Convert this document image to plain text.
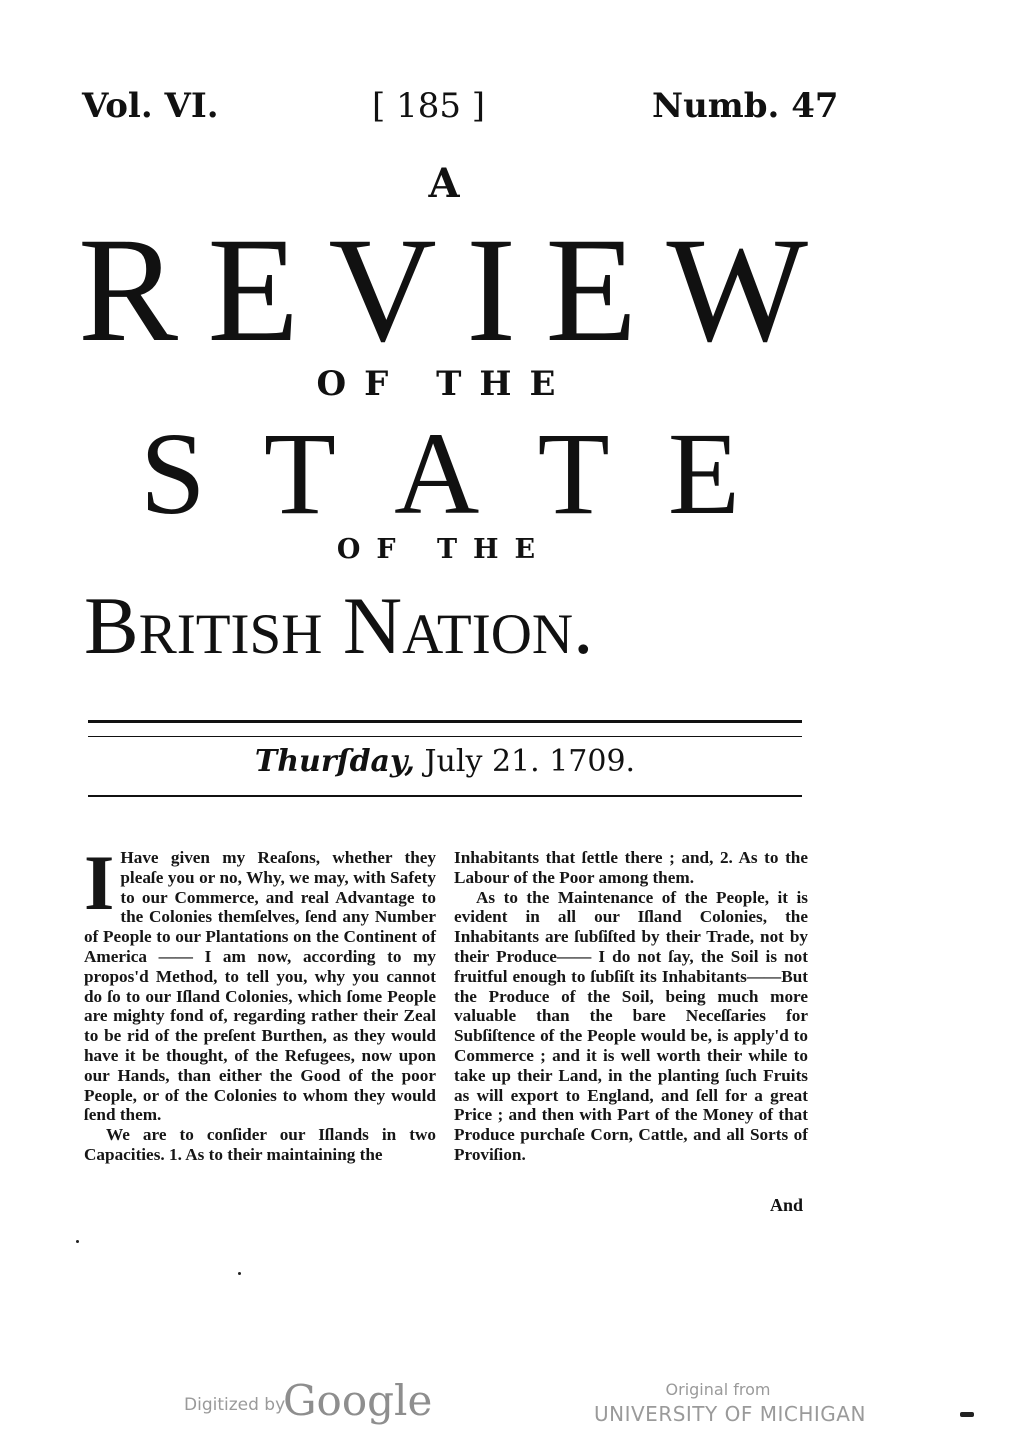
Vol. VI.	[ 185 ]	Numb. 47
A
R E V I E W
OF THE
S T A T E
OF THE
British Nation.
Thurſday, July 21. 1709.

I Have given my Reaſons, whether they pleaſe you or no, Why, we may, with Safety to our Commerce, and real Advantage to the Colonies themſelves, ſend any Number of People to our Plantations on the Continent of America —— I am now, according to my propos'd Method, to tell you, why you cannot do ſo to our Iſland Colonies, which ſome People are mighty fond of, regarding rather their Zeal to be rid of the preſent Burthen, as they would have it be thought, of the Refugees, now upon our Hands, than either the Good of the poor People, or of the Colonies to whom they would ſend them.

We are to conſider our Iſlands in two Capacities. 1. As to their maintaining the

Inhabitants that ſettle there ; and, 2. As to the Labour of the Poor among them.

As to the Maintenance of the People, it is evident in all our Iſland Colonies, the Inhabitants are ſubſiſted by their Trade, not by their Produce—— I do not ſay, the Soil is not fruitful enough to ſubſiſt its Inhabitants——But the Produce of the Soil, being much more valuable than the bare Neceſſaries for Subſiſtence of the People would be, is apply'd to Commerce ; and it is well worth their while to take up their Land, in the planting ſuch Fruits as will export to England, and ſell for a great Price ; and then with Part of the Money of that Produce purchaſe Corn, Cattle, and all Sorts of Proviſion.

And
Digitized by
Google	Original from
UNIVERSITY OF MICHIGAN
